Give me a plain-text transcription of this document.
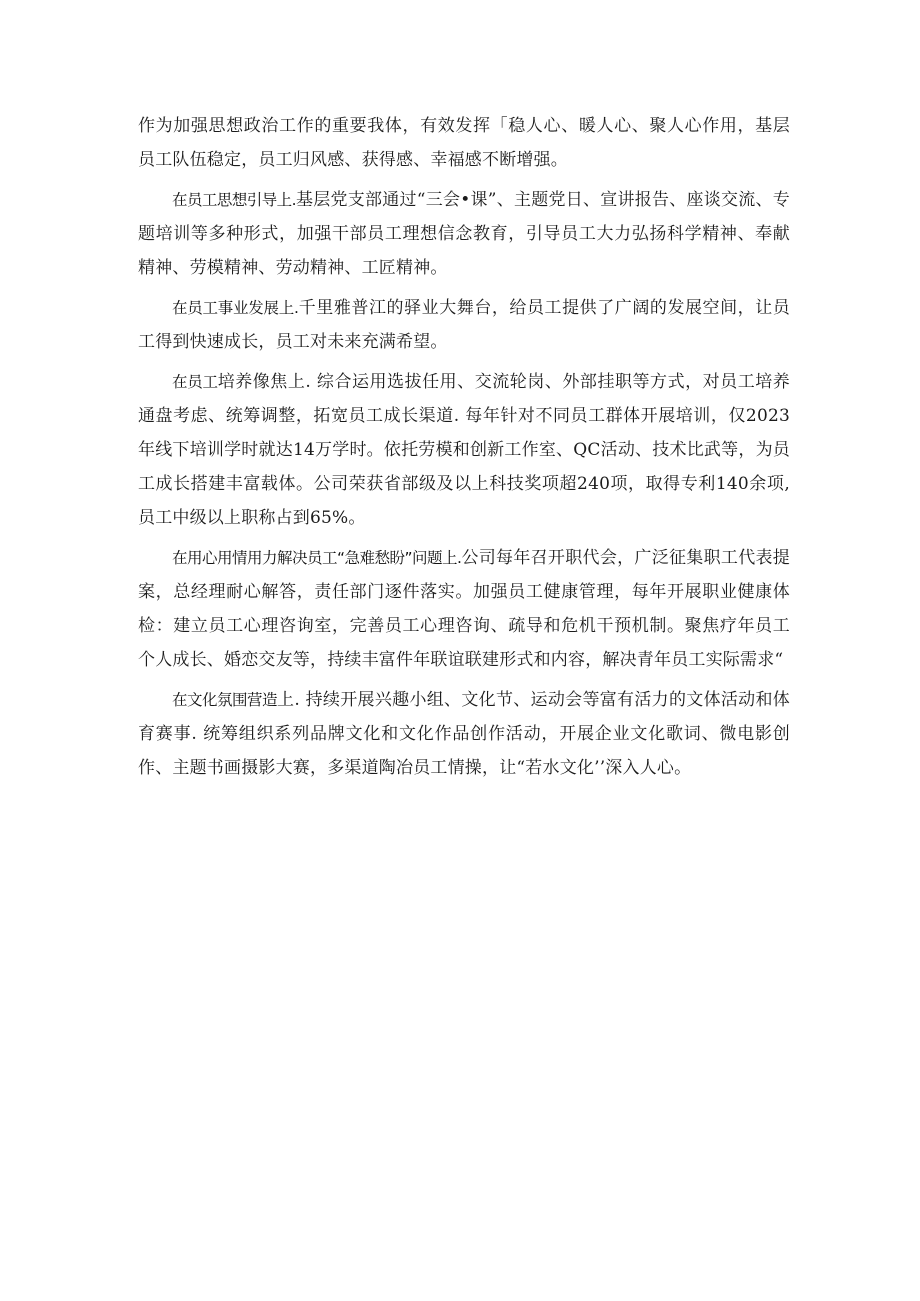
作为加强思想政治工作的重要我体，有效发挥「稳人心、暖人心、聚人心作用，基层员工队伍稳定，员工归风感、获得感、幸福感不断增强。

在员工思想引导上.基层党支部通过“三会•课”、主题党日、宣讲报告、座谈交流、专题培训等多种形式，加强干部员工理想信念教育，引导员工大力弘扬科学精神、奉献精神、劳模精神、劳动精神、工匠精神。

在员工事业发展上.千里雅普江的驿业大舞台，给员工提供了广阔的发展空间，让员工得到快速成长，员工对未来充满希望。

在员工培养像焦上. 综合运用选拔任用、交流轮岗、外部挂职等方式，对员工培养通盘考虑、统筹调整，拓宽员工成长渠道. 每年针对不同员工群体开展培训，仅2023年线下培训学时就达14万学时。依托劳模和创新工作室、QC活动、技术比武等，为员工成长搭建丰富载体。公司荣获省部级及以上科技奖项超240项，取得专利140余项, 员工中级以上职称占到65%。

在用心用情用力解决员工“急难愁盼”问题上.公司每年召开职代会，广泛征集职工代表提案，总经理耐心解答，责任部门逐件落实。加强员工健康管理，每年开展职业健康体检：建立员工心理咨询室，完善员工心理咨询、疏导和危机干预机制。聚焦疗年员工个人成长、婚恋交友等，持续丰富件年联谊联建形式和内容，解决青年员工实际需求“

在文化氛围营造上. 持续开展兴趣小组、文化节、运动会等富有活力的文体活动和体育赛事. 统筹组织系列品牌文化和文化作品创作活动，开展企业文化歌词、微电影创作、主题书画摄影大赛，多渠道陶冶员工情操，让“若水文化’’深入人心。
